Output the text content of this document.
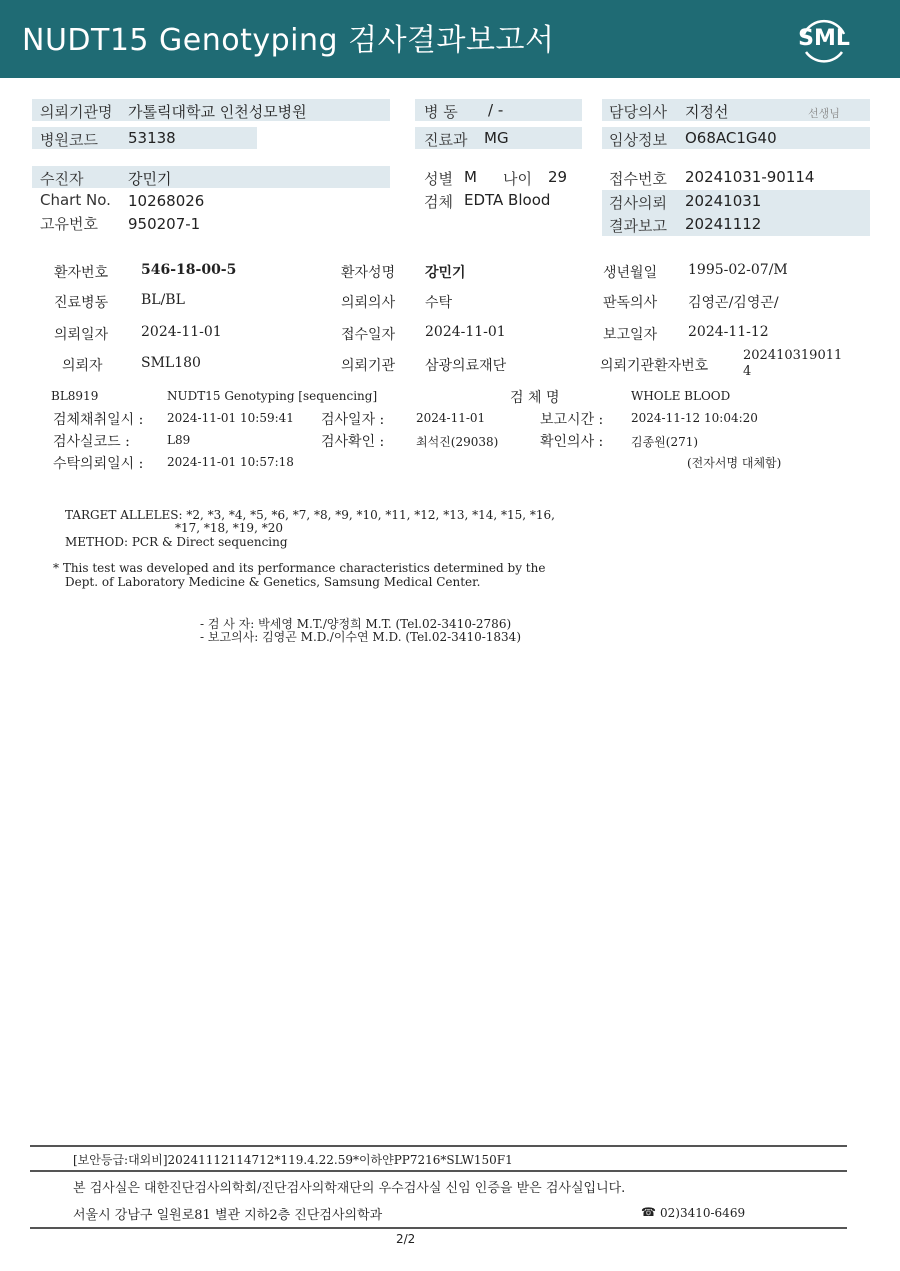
NUDT15 Genotyping 검사결과보고서	SML
의뢰기관명 가톨릭대학교 인천성모병원
병원코드 53138
병 동 / -
진료과 MG
담당의사 지정선	선생님
임상정보 O68AC1G40
수진자	강민기
Chart No. 10268026
고유번호 950207-1
성별 M 나이 29
검체 EDTA Blood
접수번호 20241031-90114
검사의뢰 20241031
결과보고 20241112
환자번호 546-18-00-5	환자성명 강민기	생년월일 1995-02-07/M
진료병동 BL/BL	의뢰의사 수탁	판독의사 김영곤/김영곤/
의뢰일자 2024-11-01	접수일자 2024-11-01	보고일자 2024-11-12
의뢰자	SML180	의뢰기관 삼광의료재단	의뢰기관환자번호
202410319011
4
BL8919	NUDT15 Genotyping [sequencing]	검 체 명	WHOLE BLOOD
검체채취일시 : 2024-11-01 10:59:41 검사일자 :	2024-11-01	보고시간 : 2024-11-12 10:04:20
검사실코드 :	L89	검사확인 :	최석진(29038)	확인의사 : 김종원(271)
수탁의뢰일시 : 2024-11-01 10:57:18	(전자서명 대체함)
TARGET ALLELES: *2, *3, *4, *5, *6, *7, *8, *9, *10, *11, *12, *13, *14, *15, *16,
*17, *18, *19, *20
METHOD: PCR & Direct sequencing
* This test was developed and its performance characteristics determined by the
Dept. of Laboratory Medicine & Genetics, Samsung Medical Center.
- 검 사 자: 박세영 M.T./양정희 M.T. (Tel.02-3410-2786)
- 보고의사: 김영곤 M.D./이수연 M.D. (Tel.02-3410-1834)
[보안등급:대외비]20241112114712*119.4.22.59*이하얀PP7216*SLW150F1
본 검사실은 대한진단검사의학회/진단검사의학재단의 우수검사실 신임 인증을 받은 검사실입니다.
서울시 강남구 일원로81 별관 지하2층 진단검사의학과	☎ 02)3410-6469
2/2
